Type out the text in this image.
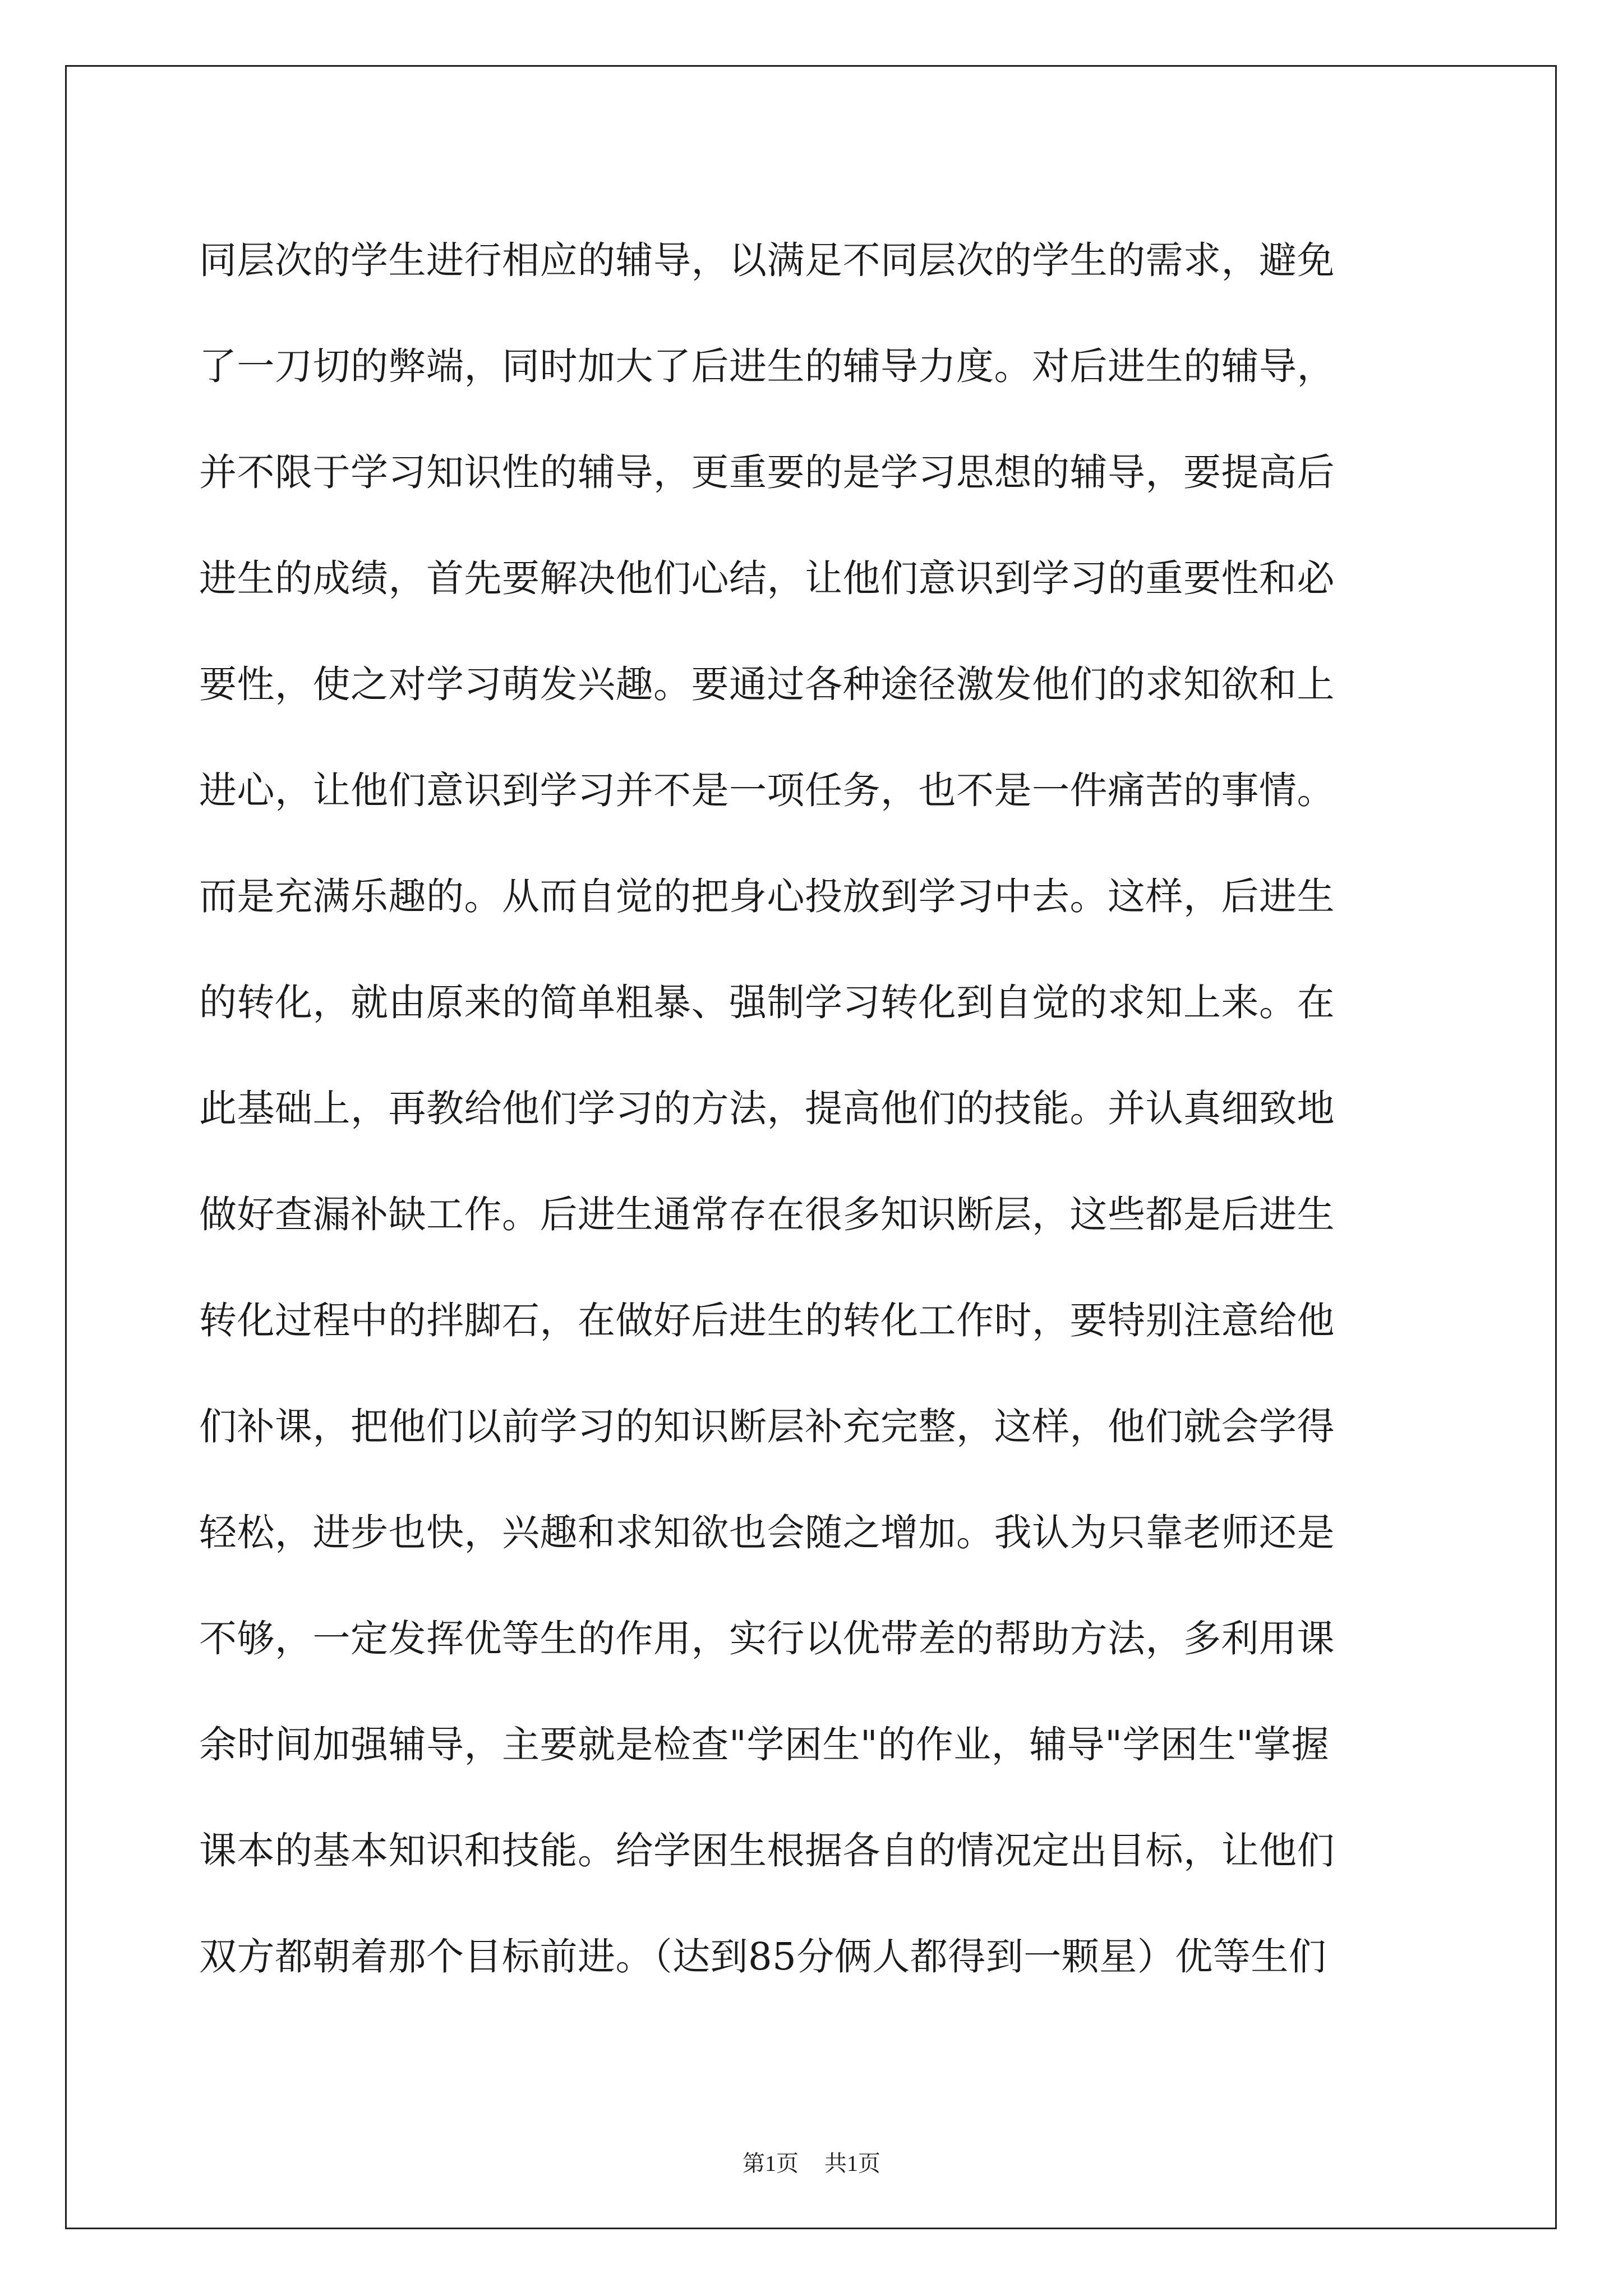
同层次的学生进行相应的辅导，以满足不同层次的学生的需求，避免
了一刀切的弊端，同时加大了后进生的辅导力度。对后进生的辅导，
并不限于学习知识性的辅导，更重要的是学习思想的辅导，要提高后
进生的成绩，首先要解决他们心结，让他们意识到学习的重要性和必
要性，使之对学习萌发兴趣。要通过各种途径激发他们的求知欲和上
进心，让他们意识到学习并不是一项任务，也不是一件痛苦的事情。
而是充满乐趣的。从而自觉的把身心投放到学习中去。这样，后进生
的转化，就由原来的简单粗暴、强制学习转化到自觉的求知上来。在
此基础上，再教给他们学习的方法，提高他们的技能。并认真细致地
做好查漏补缺工作。后进生通常存在很多知识断层，这些都是后进生
转化过程中的拌脚石，在做好后进生的转化工作时，要特别注意给他
们补课，把他们以前学习的知识断层补充完整，这样，他们就会学得
轻松，进步也快，兴趣和求知欲也会随之增加。我认为只靠老师还是
不够，一定发挥优等生的作用，实行以优带差的帮助方法，多利用课
余时间加强辅导，主要就是检查"学困生"的作业，辅导"学困生"掌握
课本的基本知识和技能。给学困生根据各自的情况定出目标，让他们
双方都朝着那个目标前进。（达到85分俩人都得到一颗星）优等生们
第1页 共1页
